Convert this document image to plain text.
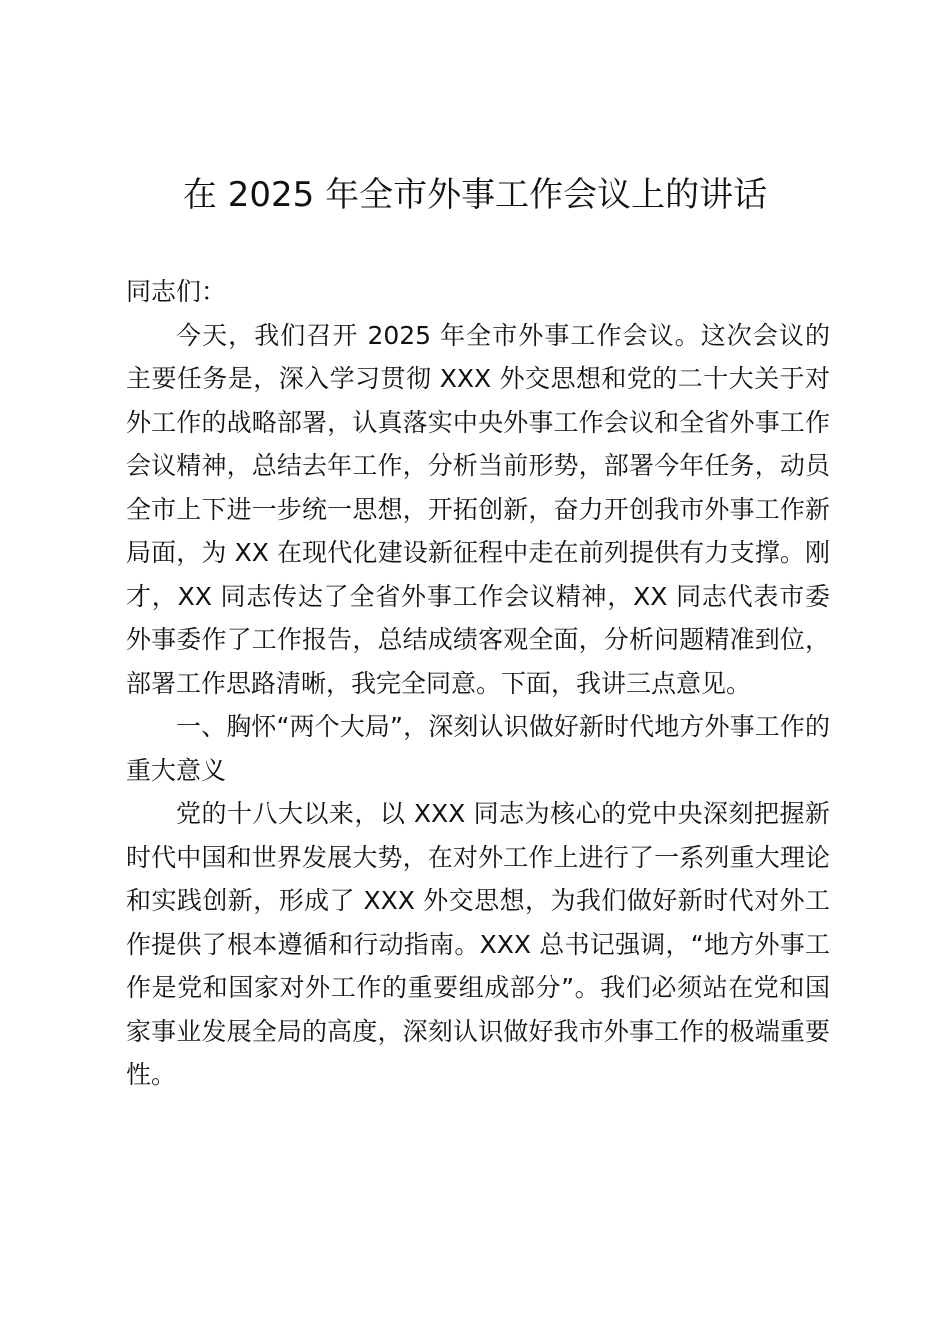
在 2025 年全市外事工作会议上的讲话

同志们：

今天，我们召开 2025 年全市外事工作会议。这次会议的主要任务是，深入学习贯彻 XXX 外交思想和党的二十大关于对外工作的战略部署，认真落实中央外事工作会议和全省外事工作会议精神，总结去年工作，分析当前形势，部署今年任务，动员全市上下进一步统一思想，开拓创新，奋力开创我市外事工作新局面，为 XX 在现代化建设新征程中走在前列提供有力支撑。刚才，XX 同志传达了全省外事工作会议精神，XX 同志代表市委外事委作了工作报告，总结成绩客观全面，分析问题精准到位，部署工作思路清晰，我完全同意。下面，我讲三点意见。

一、胸怀“两个大局”，深刻认识做好新时代地方外事工作的重大意义

党的十八大以来，以 XXX 同志为核心的党中央深刻把握新时代中国和世界发展大势，在对外工作上进行了一系列重大理论和实践创新，形成了 XXX 外交思想，为我们做好新时代对外工作提供了根本遵循和行动指南。XXX 总书记强调，“地方外事工作是党和国家对外工作的重要组成部分”。我们必须站在党和国家事业发展全局的高度，深刻认识做好我市外事工作的极端重要性。
